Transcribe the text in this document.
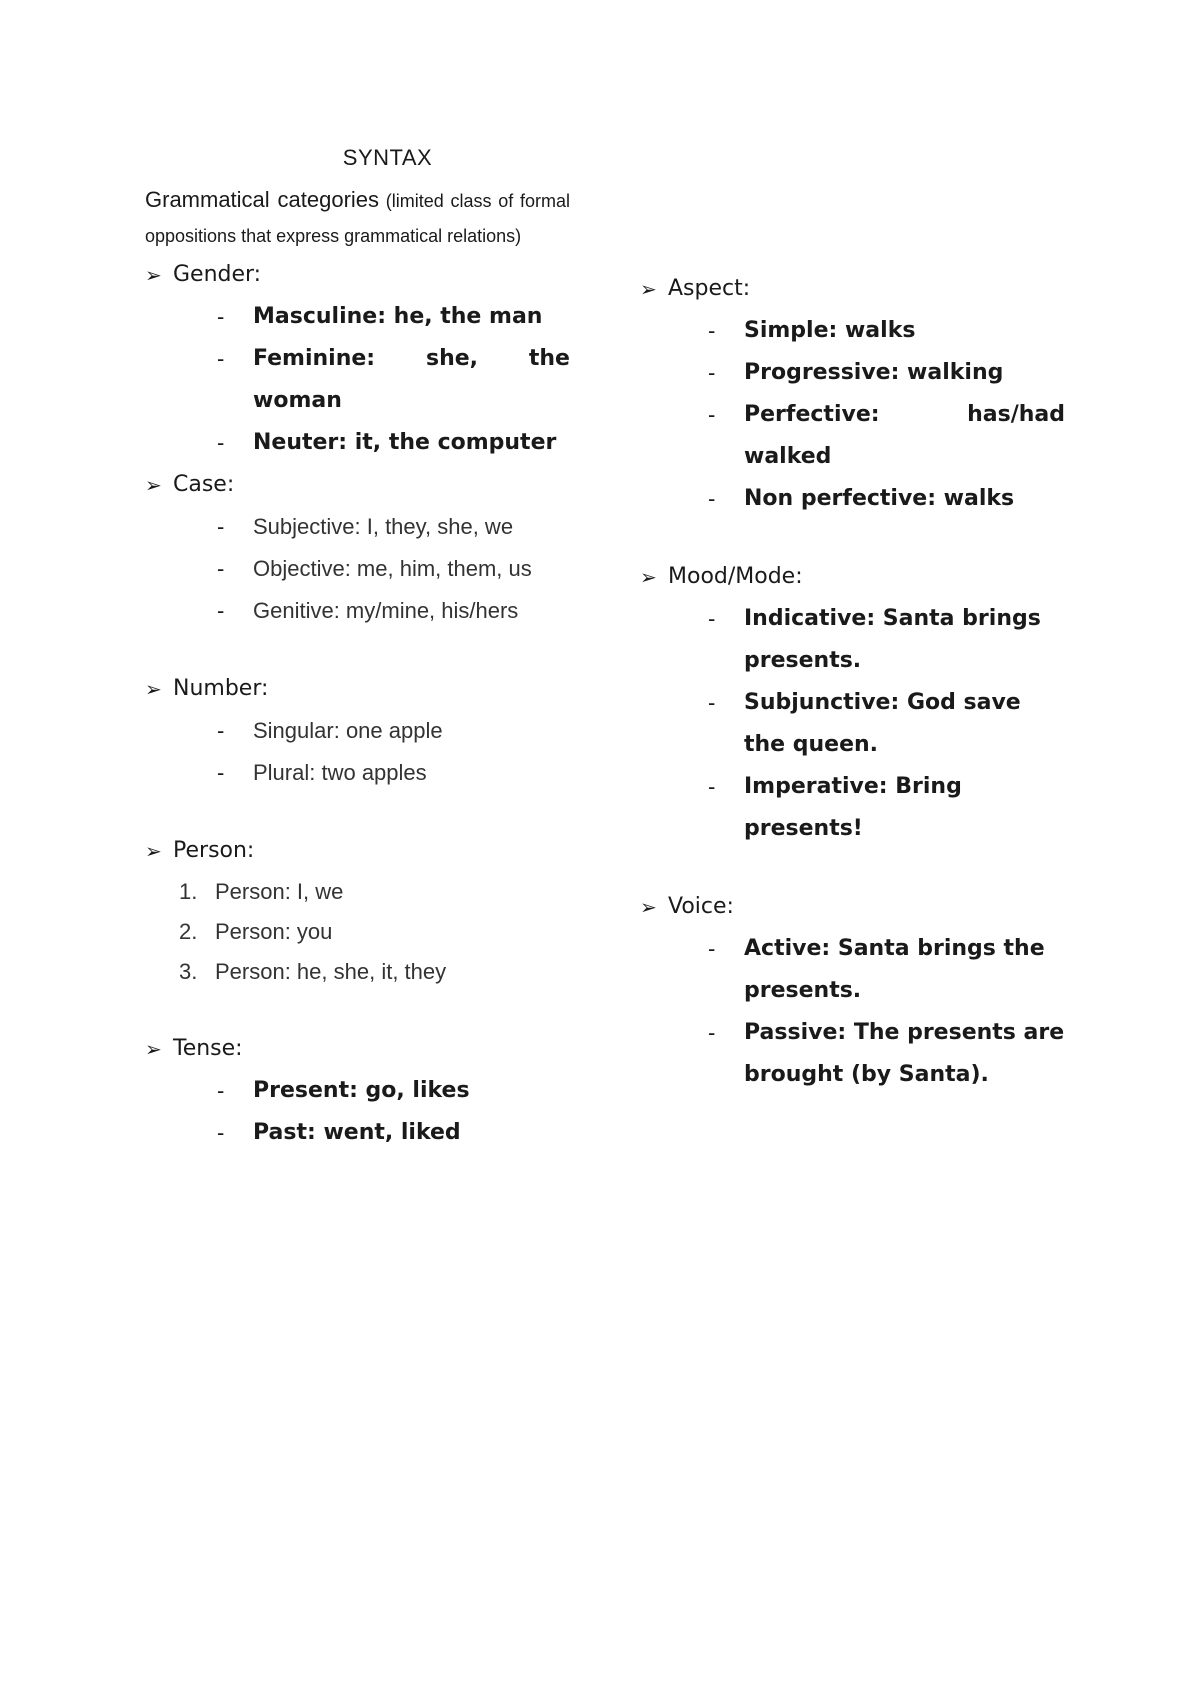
SYNTAX

Grammatical categories (limited class of formal oppositions that express grammatical relations)

➢ Gender:
-	Masculine: he, the man
-	Feminine: she, the
woman
-	Neuter: it, the computer
➢ Case:
-	Subjective: I, they, she, we
-	Objective: me, him, them, us
-	Genitive: my/mine, his/hers
➢ Number:
-	Singular: one apple
-	Plural: two apples
➢ Person:
1. Person: I, we
2. Person: you
3. Person: he, she, it, they
➢ Tense:
-	Present: go, likes
-	Past: went, liked
➢ Aspect:
-	Simple: walks
-	Progressive: walking
-	Perfective:	has/had
walked
-	Non perfective: walks
➢ Mood/Mode:
-	Indicative: Santa brings presents.
-	Subjunctive: God save the queen.
-	Imperative: Bring presents!
➢ Voice:
-	Active: Santa brings the presents.
-	Passive: The presents are brought (by Santa).
